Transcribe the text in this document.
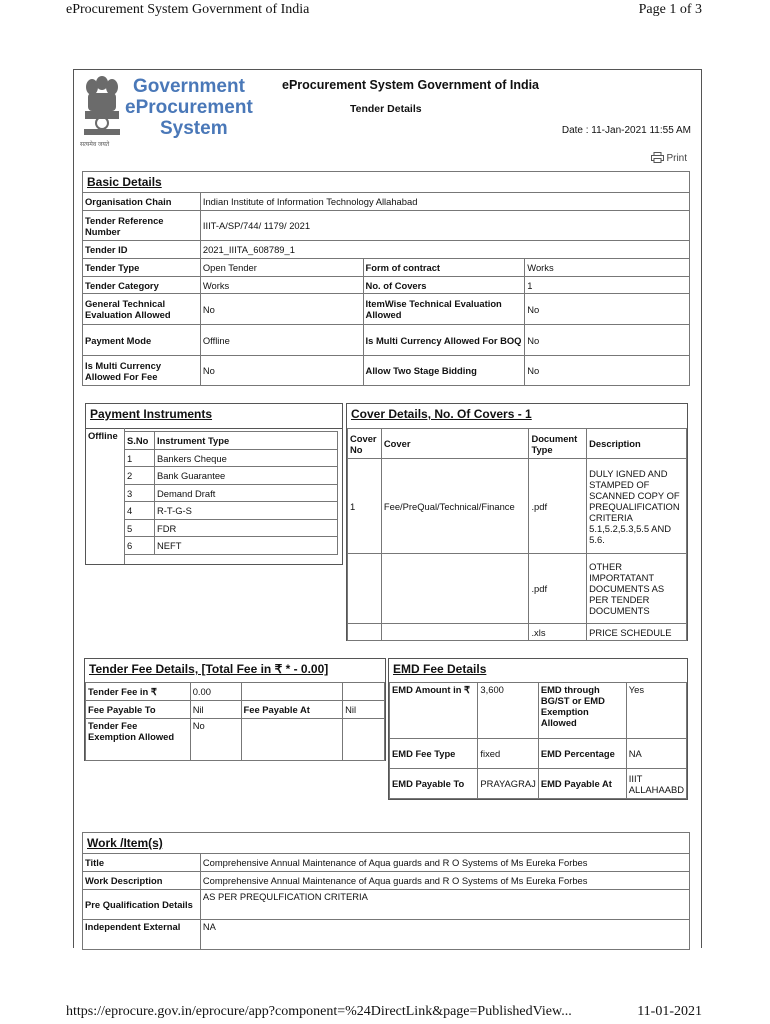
eProcurement System Government of India	Page 1 of 3
सत्यमेव जयते
Government
eProcurement
System
eProcurement System Government of India
Tender Details
Date : 11-Jan-2021 11:55 AM
Print
Basic Details			
Organisation Chain	Indian Institute of Information Technology Allahabad		
Tender Reference Number	IIIT-A/SP/744/ 1179/ 2021		
Tender ID	2021_IIITA_608789_1		
Tender Type	Open Tender	Form of contract	Works
Tender Category	Works	No. of Covers	1
General Technical Evaluation Allowed	No	ItemWise Technical Evaluation Allowed	No
Payment Mode	Offline	Is Multi Currency Allowed For BOQ	No
Is Multi Currency Allowed For Fee	No	Allow Two Stage Bidding	No
Payment Instruments
Offline S.No	Instrument Type
1	Bankers Cheque
2	Bank Guarantee
3	Demand Draft
4	R-T-G-S
5	FDR
6	NEFT
Cover Details, No. Of Covers - 1
Cover No	Cover	Document Type	Description
1	Fee/PreQual/Technical/Finance	.pdf	DULY IGNED AND STAMPED OF SCANNED COPY OF PREQUALIFICATION CRITERIA 5.1,5.2,5.3,5.5 AND 5.6.
		.pdf	OTHER IMPORTATANT DOCUMENTS AS PER TENDER DOCUMENTS
		.xls	PRICE SCHEDULE
Tender Fee Details, [Total Fee in ₹ * - 0.00]
Tender Fee in ₹	0.00		
Fee Payable To	Nil	Fee Payable At	Nil
Tender Fee Exemption Allowed	No		
EMD Fee Details
EMD Amount in ₹	3,600	EMD through BG/ST or EMD Exemption Allowed	Yes
EMD Fee Type	fixed	EMD Percentage	NA
EMD Payable To	PRAYAGRAJ	EMD Payable At	IIIT ALLAHAABD
Work /Item(s)	
Title	Comprehensive Annual Maintenance of Aqua guards and R O Systems of Ms Eureka Forbes
Work Description	Comprehensive Annual Maintenance of Aqua guards and R O Systems of Ms Eureka Forbes
Pre Qualification Details	AS PER PREQULFICATION CRITERIA
Independent External	NA
https://eprocure.gov.in/eprocure/app?component=%24DirectLink&page=PublishedView...	11-01-2021
